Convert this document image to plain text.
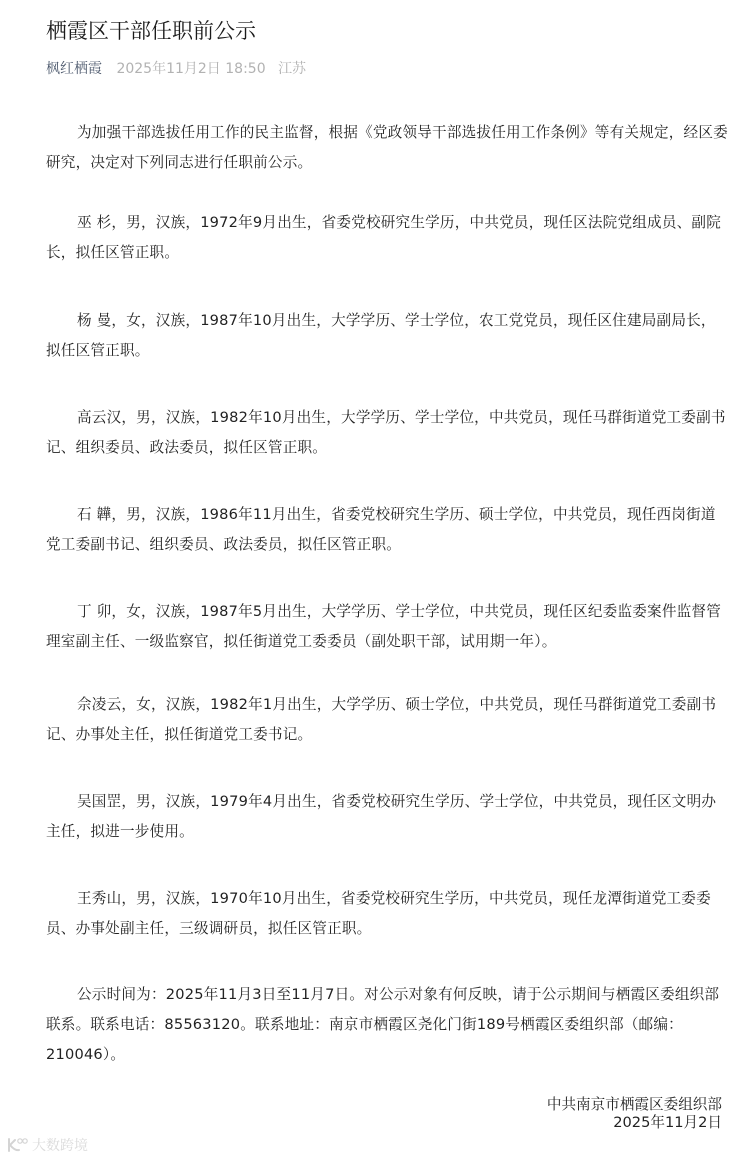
栖霞区干部任职前公示
枫红栖霞 2025年11月2日 18:50 江苏

为加强干部选拔任用工作的民主监督，根据《党政领导干部选拔任用工作条例》等有关规定，经区委研究，决定对下列同志进行任职前公示。

巫 杉，男，汉族，1972年9月出生，省委党校研究生学历，中共党员，现任区法院党组成员、副院长，拟任区管正职。

杨 曼，女，汉族，1987年10月出生，大学学历、学士学位，农工党党员，现任区住建局副局长，拟任区管正职。

高云汉，男，汉族，1982年10月出生，大学学历、学士学位，中共党员，现任马群街道党工委副书记、组织委员、政法委员，拟任区管正职。

石 韡，男，汉族，1986年11月出生，省委党校研究生学历、硕士学位，中共党员，现任西岗街道党工委副书记、组织委员、政法委员，拟任区管正职。

丁 卯，女，汉族，1987年5月出生，大学学历、学士学位，中共党员，现任区纪委监委案件监督管理室副主任、一级监察官，拟任街道党工委委员（副处职干部，试用期一年）。

佘凌云，女，汉族，1982年1月出生，大学学历、硕士学位，中共党员，现任马群街道党工委副书记、办事处主任，拟任街道党工委书记。

吴国罡，男，汉族，1979年4月出生，省委党校研究生学历、学士学位，中共党员，现任区文明办主任，拟进一步使用。

王秀山，男，汉族，1970年10月出生，省委党校研究生学历，中共党员，现任龙潭街道党工委委员、办事处副主任，三级调研员，拟任区管正职。

公示时间为：2025年11月3日至11月7日。对公示对象有何反映，请于公示期间与栖霞区委组织部联系。联系电话：85563120。联系地址：南京市栖霞区尧化门街189号栖霞区委组织部（邮编：210046）。

中共南京市栖霞区委组织部
2025年11月2日
大数跨境
